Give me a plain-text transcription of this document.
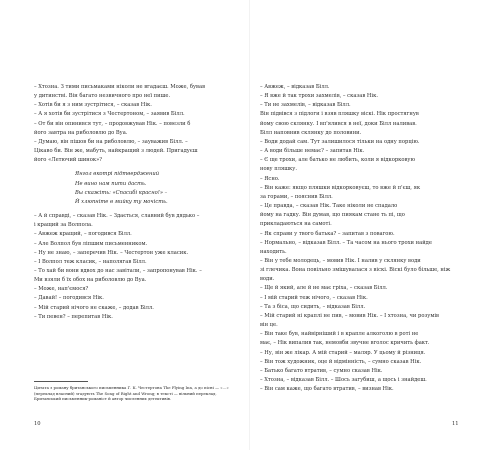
– Хтозна. З тими письмаками ніколи не вгадаєш. Може, бував
у дитинстві. Він багато незвичного про неї пише.
– Хотів би я з ним зустрітися, – сказав Нік.
– А я хотів би зустрітися з Честертоном, – заявив Білл.
– От би він опинився тут, – продовжував Нік. – повезли б
його завтра на риболовлю до Вуа.
– Думаю, він пішов би на риболовлю, – зауважив Білл. –
Цікаво би. Він же, мабуть, найкращий з людей. Пригадуєш
його «Летючий шинок»?
Янгол вкотрі підтверджений
Не вино нам пити дасть.
Вы скажіть: «Спасибі красно!» –
Й хлюпніте в мийку ту мочість.
– А й справді, – сказав Нік. – Здається, славний був дядько –
і кращий за Волпола.
– Авжеж кращий, – погодився Білл.
– Але Волпол був ліпшим письменником.
– Ну не знаю, – заперечив Нік. – Честертон уже класик.
– І Волпол теж класик, – наполягав Білл.
– То хай би вони вдвох до нас завітали, – запропонував Нік. –
Ми взяли б їх обох на риболовлю до Вуа.
– Може, нап'ємося?
– Давай! – погодився Нік.
– Мій старий нічого не скаже, – додав Білл.
– Ти певен? – перепитав Нік.
Цитата з роману британського письменника Г. К. Честертона The Flying Inn, а до пісні — «...» (переклад власний) згадують The Song of Right and Wrong; в тексті — вільний переклад. Британський письменник-романіст й автор численних детективів.
10
– Авжеж, – відказав Білл.
– Я вже й так трохи захмелів, – сказав Нік.
– Ти не захмелів, – відказав Білл.
Він підвівся з підлоги і взяв пляшку віскі. Нік простягнув
йому свою склянку. І вп'ялився в неї, доки Білл наливав.
Білл наповнив склянку до половини.
– Води додай сам. Тут залишилося тільки на одну порцію.
– А води більше немає? – запитав Нік.
– Є ще трохи, але батько не любить, коли я відкорковую
нову пляшку.
– Ясно.
– Він каже: якщо пляшки відкорковуєш, то вже й п'єш, як
за горами, – пояснив Білл.
– Це правда, – сказав Нік. Таке ніколи не спадало
йому на гадку. Він думав, що пиякам стане ть пі, що
прикладаються на самоті.
– Як справи у твого батька? – запитав з повагою.
– Нормально, – відказав Білл. – Та часом на нього трохи найде
находить.
– Він у тебе молодець, – мовив Нік. І налив у склянку води
зі глечика. Вона повільно змішувалася з віскі. Віскі було більше, ніж
води.
– Ще й який, але й не має гріха, – сказав Білл.
– І мій старий теж нічого, – сказав Нік.
– Та з біса, що сидить, – відказав Білл.
– Мій старий ні краплі не пив, – мовив Нік. – І хтозна, чи розумів
він це.
– Він таке був, найвірніший і в крапле алкоголю в роті не
має, – Нік випалив так, немовби звучне вголос кричить факт.
– Ну, він же лікар. А мій старий – маляр. У цьому й різниця.
– Він тож художник, оце й відмінність, – сумно сказав Нік.
– Батько багато втратив, – сумно сказав Нік.
– Хтозна, – відказав Білл. – Шось загубиш, а щось і знайдеш.
– Він сам каже, що багато втратив, – визнав Нік.
11
